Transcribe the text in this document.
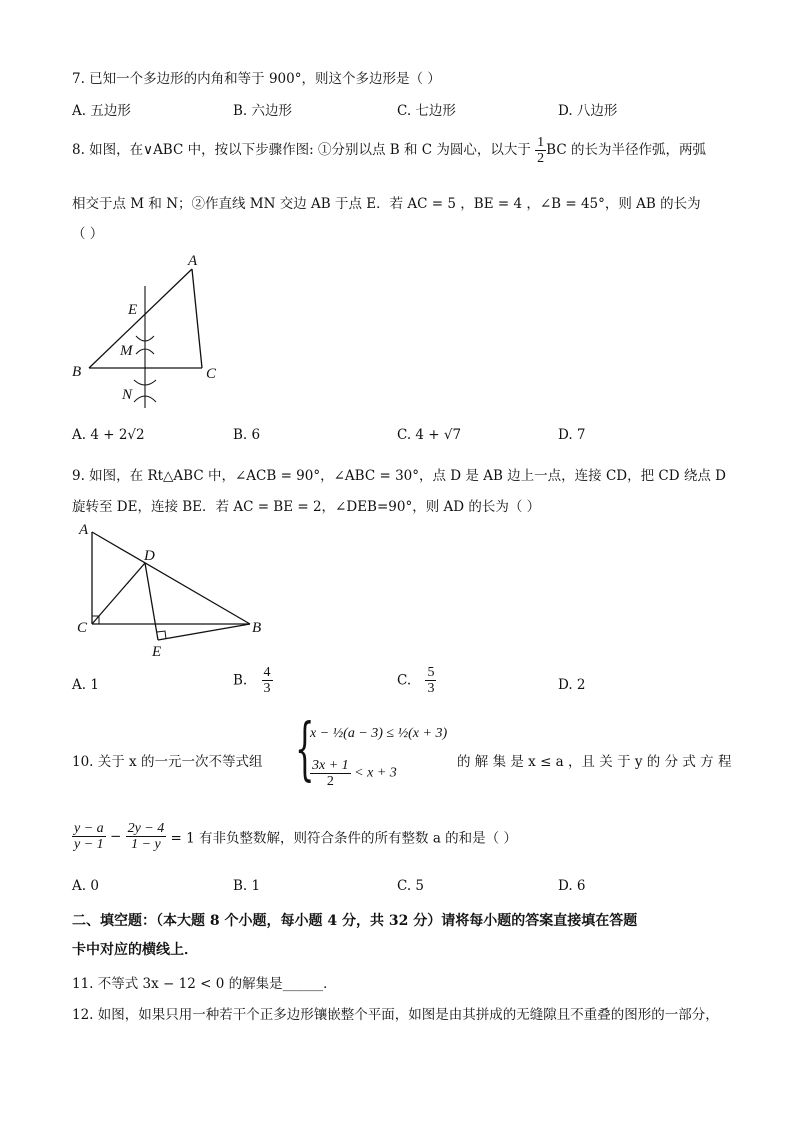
7. 已知一个多边形的内角和等于 900°，则这个多边形是（ ）
A. 五边形	B. 六边形	C. 七边形	D. 八边形
8. 如图，在∨ABC 中，按以下步骤作图: ①分别以点 B 和 C 为圆心，以大于 $\frac{1}{2}$ BC 的长为半径作弧，两弧
相交于点 M 和 N；②作直线 MN 交边 AB 于点 E．若 AC = 5 ，BE = 4 ，∠B = 45°，则 AB 的长为
（ ）
A
B	C
E
M
N
A. 4 + 2√2	B. 6	C. 4 + √7	D. 7
9. 如图，在 Rt△ABC 中，∠ACB = 90°，∠ABC = 30°，点 D 是 AB 边上一点，连接 CD，把 CD 绕点 D
旋转至 DE，连接 BE．若 AC = BE = 2，∠DEB=90°，则 AD 的长为（ ）
A
D
C	B
E
A. 1	B. $\frac{4}{3}$	C. $\frac{5}{3}$	D. 2
10. 关于 x 的一元一次不等式组 {
x − ½(a − 3) ≤ ½(x + 3)
$\frac{3x + 1}{2} < x + 3$
的 解 集 是 x ≤ a ，且 关 于 y 的 分 式 方 程
$\frac{y - a}{y - 1} - \frac{2y - 4}{1 - y} = 1$ 有非负整数解，则符合条件的所有整数 a 的和是（ ）
A. 0	B. 1	C. 5	D. 6
二、填空题：（本大题 8 个小题，每小题 4 分，共 32 分）请将每小题的答案直接填在答题
卡中对应的横线上．
11. 不等式 3x − 12 < 0 的解集是______．
12. 如图，如果只用一种若干个正多边形镶嵌整个平面，如图是由其拼成的无缝隙且不重叠的图形的一部分，
